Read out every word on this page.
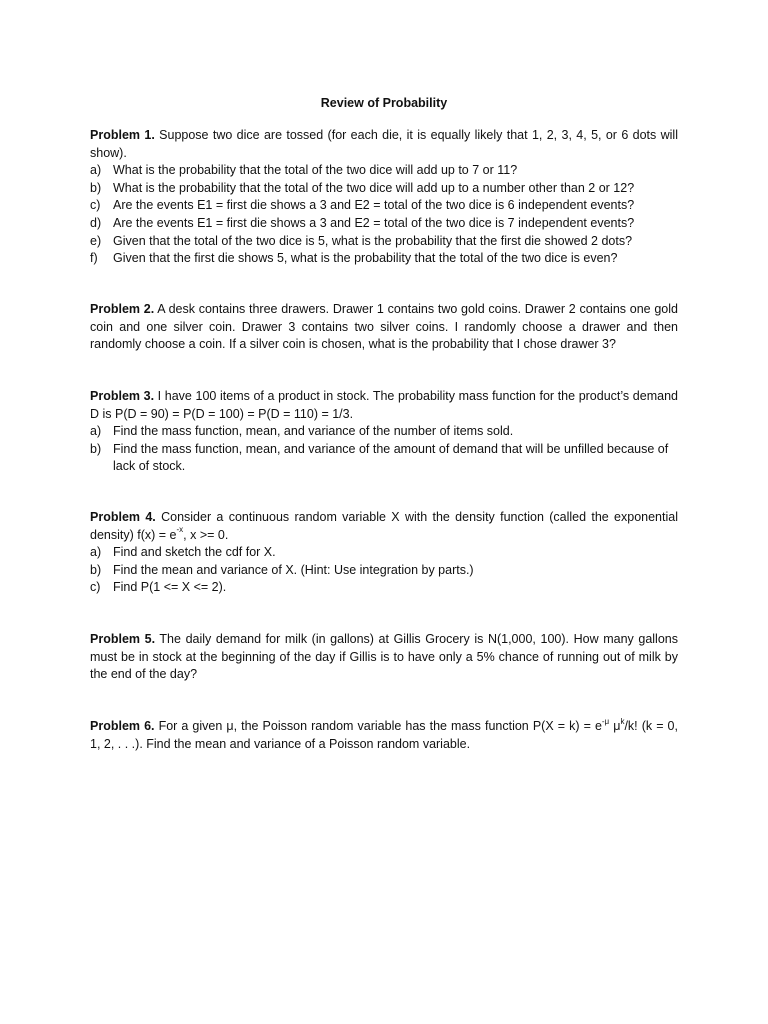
Review of Probability

Problem 1. Suppose two dice are tossed (for each die, it is equally likely that 1, 2, 3, 4, 5, or 6 dots will show).

a) What is the probability that the total of the two dice will add up to 7 or 11?
b) What is the probability that the total of the two dice will add up to a number other than 2 or 12?
c) Are the events E1 = first die shows a 3 and E2 = total of the two dice is 6 independent events?
d) Are the events E1 = first die shows a 3 and E2 = total of the two dice is 7 independent events?
e) Given that the total of the two dice is 5, what is the probability that the first die showed 2 dots?
f) Given that the first die shows 5, what is the probability that the total of the two dice is even?

Problem 2. A desk contains three drawers. Drawer 1 contains two gold coins. Drawer 2 contains one gold coin and one silver coin. Drawer 3 contains two silver coins. I randomly choose a drawer and then randomly choose a coin. If a silver coin is chosen, what is the probability that I chose drawer 3?

Problem 3. I have 100 items of a product in stock. The probability mass function for the product’s demand D is P(D = 90) = P(D = 100) = P(D = 110) = 1/3.

a) Find the mass function, mean, and variance of the number of items sold.
b) Find the mass function, mean, and variance of the amount of demand that will be unfilled because of lack of stock.

Problem 4. Consider a continuous random variable X with the density function (called the exponential density) $f(x) = e^{-x}$, x >= 0.

a) Find and sketch the cdf for X.
b) Find the mean and variance of X. (Hint: Use integration by parts.)
c) Find P(1 <= X <= 2).

Problem 5. The daily demand for milk (in gallons) at Gillis Grocery is N(1,000, 100). How many gallons must be in stock at the beginning of the day if Gillis is to have only a 5% chance of running out of milk by the end of the day?

Problem 6. For a given μ, the Poisson random variable has the mass function $P(X = k) = e^{-\mu}$ $\mu^k/k$! (k = 0, 1, 2, . . .). Find the mean and variance of a Poisson random variable.
